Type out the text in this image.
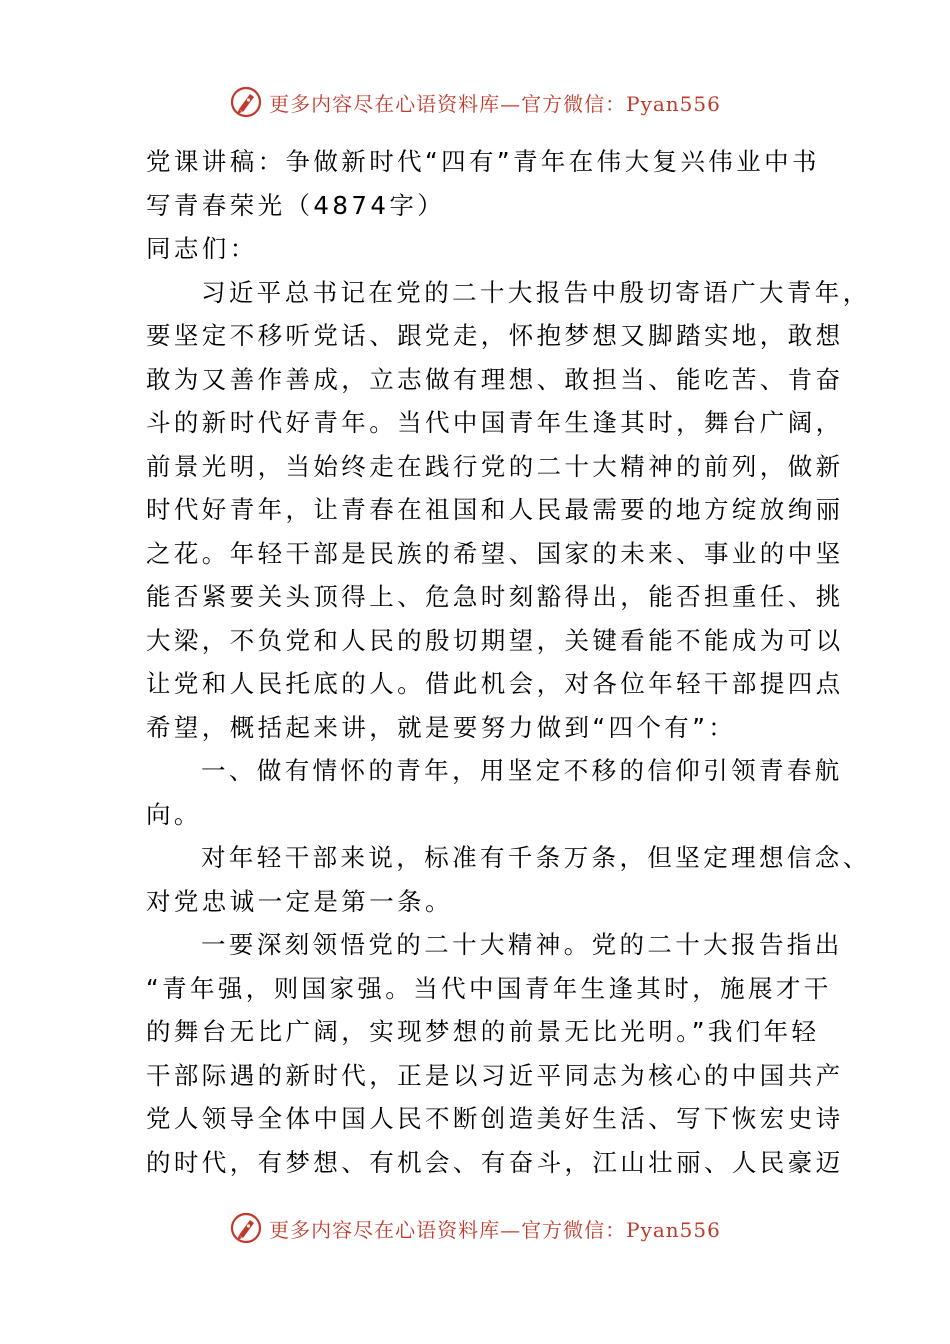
更多内容尽在心语资料库—官方微信：Pyan556

党课讲稿：争做新时代“四有”青年在伟大复兴伟业中书

写青春荣光（4874字）

同志们：

习近平总书记在党的二十大报告中殷切寄语广大青年，

要坚定不移听党话、跟党走，怀抱梦想又脚踏实地，敢想

敢为又善作善成，立志做有理想、敢担当、能吃苦、肯奋

斗的新时代好青年。当代中国青年生逢其时，舞台广阔，

前景光明，当始终走在践行党的二十大精神的前列，做新

时代好青年，让青春在祖国和人民最需要的地方绽放绚丽

之花。年轻干部是民族的希望、国家的未来、事业的中坚

能否紧要关头顶得上、危急时刻豁得出，能否担重任、挑

大梁，不负党和人民的殷切期望，关键看能不能成为可以

让党和人民托底的人。借此机会，对各位年轻干部提四点

希望，概括起来讲，就是要努力做到“四个有”：

一、做有情怀的青年，用坚定不移的信仰引领青春航

向。

对年轻干部来说，标准有千条万条，但坚定理想信念、

对党忠诚一定是第一条。

一要深刻领悟党的二十大精神。党的二十大报告指出

“青年强，则国家强。当代中国青年生逢其时，施展才干

的舞台无比广阔，实现梦想的前景无比光明。”我们年轻

干部际遇的新时代，正是以习近平同志为核心的中国共产

党人领导全体中国人民不断创造美好生活、写下恢宏史诗

的时代，有梦想、有机会、有奋斗，江山壮丽、人民豪迈

更多内容尽在心语资料库—官方微信：Pyan556
